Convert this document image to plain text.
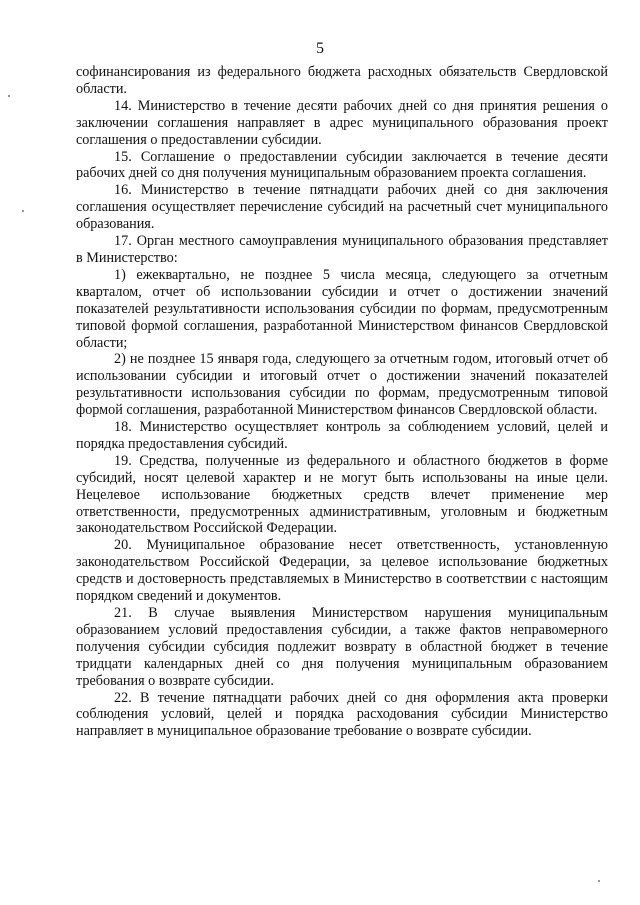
5

софинансирования из федерального бюджета расходных обязательств Свердловской области.

14. Министерство в течение десяти рабочих дней со дня принятия решения о заключении соглашения направляет в адрес муниципального образования проект соглашения о предоставлении субсидии.

15. Соглашение о предоставлении субсидии заключается в течение десяти рабочих дней со дня получения муниципальным образованием проекта соглашения.

16. Министерство в течение пятнадцати рабочих дней со дня заключения соглашения осуществляет перечисление субсидий на расчетный счет муниципального образования.

17. Орган местного самоуправления муниципального образования представляет в Министерство:

1) ежеквартально, не позднее 5 числа месяца, следующего за отчетным кварталом, отчет об использовании субсидии и отчет о достижении значений показателей результативности использования субсидии по формам, предусмотренным типовой формой соглашения, разработанной Министерством финансов Свердловской области;

2) не позднее 15 января года, следующего за отчетным годом, итоговый отчет об использовании субсидии и итоговый отчет о достижении значений показателей результативности использования субсидии по формам, предусмотренным типовой формой соглашения, разработанной Министерством финансов Свердловской области.

18. Министерство осуществляет контроль за соблюдением условий, целей и порядка предоставления субсидий.

19. Средства, полученные из федерального и областного бюджетов в форме субсидий, носят целевой характер и не могут быть использованы на иные цели. Нецелевое использование бюджетных средств влечет применение мер ответственности, предусмотренных административным, уголовным и бюджетным законодательством Российской Федерации.

20. Муниципальное образование несет ответственность, установленную законодательством Российской Федерации, за целевое использование бюджетных средств и достоверность представляемых в Министерство в соответствии с настоящим порядком сведений и документов.

21. В случае выявления Министерством нарушения муниципальным образованием условий предоставления субсидии, а также фактов неправомерного получения субсидии субсидия подлежит возврату в областной бюджет в течение тридцати календарных дней со дня получения муниципальным образованием требования о возврате субсидии.

22. В течение пятнадцати рабочих дней со дня оформления акта проверки соблюдения условий, целей и порядка расходования субсидии Министерство направляет в муниципальное образование требование о возврате субсидии.
